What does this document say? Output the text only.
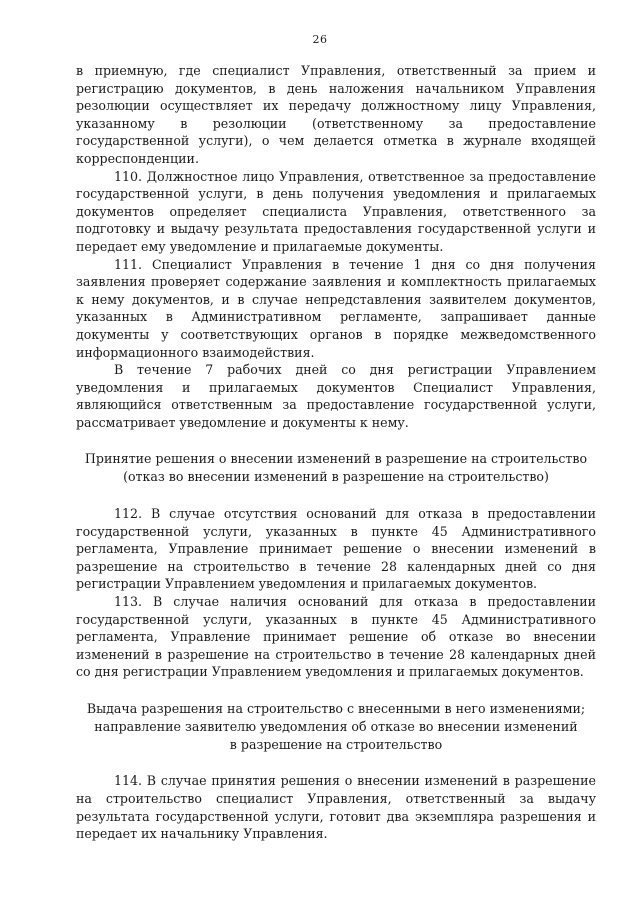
26

в приемную, где специалист Управления, ответственный за прием и регистрацию документов, в день наложения начальником Управления резолюции осуществляет их передачу должностному лицу Управления, указанному в резолюции (ответственному за предоставление государственной услуги), о чем делается отметка в журнале входящей корреспонденции.

110. Должностное лицо Управления, ответственное за предоставление государственной услуги, в день получения уведомления и прилагаемых документов определяет специалиста Управления, ответственного за подготовку и выдачу результата предоставления государственной услуги и передает ему уведомление и прилагаемые документы.

111. Специалист Управления в течение 1 дня со дня получения заявления проверяет содержание заявления и комплектность прилагаемых к нему документов, и в случае непредставления заявителем документов, указанных в Административном регламенте, запрашивает данные документы у соответствующих органов в порядке межведомственного информационного взаимодействия.

В течение 7 рабочих дней со дня регистрации Управлением уведомления и прилагаемых документов Специалист Управления, являющийся ответственным за предоставление государственной услуги, рассматривает уведомление и документы к нему.

Принятие решения о внесении изменений в разрешение на строительство

(отказ во внесении изменений в разрешение на строительство)

112. В случае отсутствия оснований для отказа в предоставлении государственной услуги, указанных в пункте 45 Административного регламента, Управление принимает решение о внесении изменений в разрешение на строительство в течение 28 календарных дней со дня регистрации Управлением уведомления и прилагаемых документов.

113. В случае наличия оснований для отказа в предоставлении государственной услуги, указанных в пункте 45 Административного регламента, Управление принимает решение об отказе во внесении изменений в разрешение на строительство в течение 28 календарных дней со дня регистрации Управлением уведомления и прилагаемых документов.

Выдача разрешения на строительство с внесенными в него изменениями;

направление заявителю уведомления об отказе во внесении изменений

в разрешение на строительство

114. В случае принятия решения о внесении изменений в разрешение на строительство специалист Управления, ответственный за выдачу результата государственной услуги, готовит два экземпляра разрешения и передает их начальнику Управления.
